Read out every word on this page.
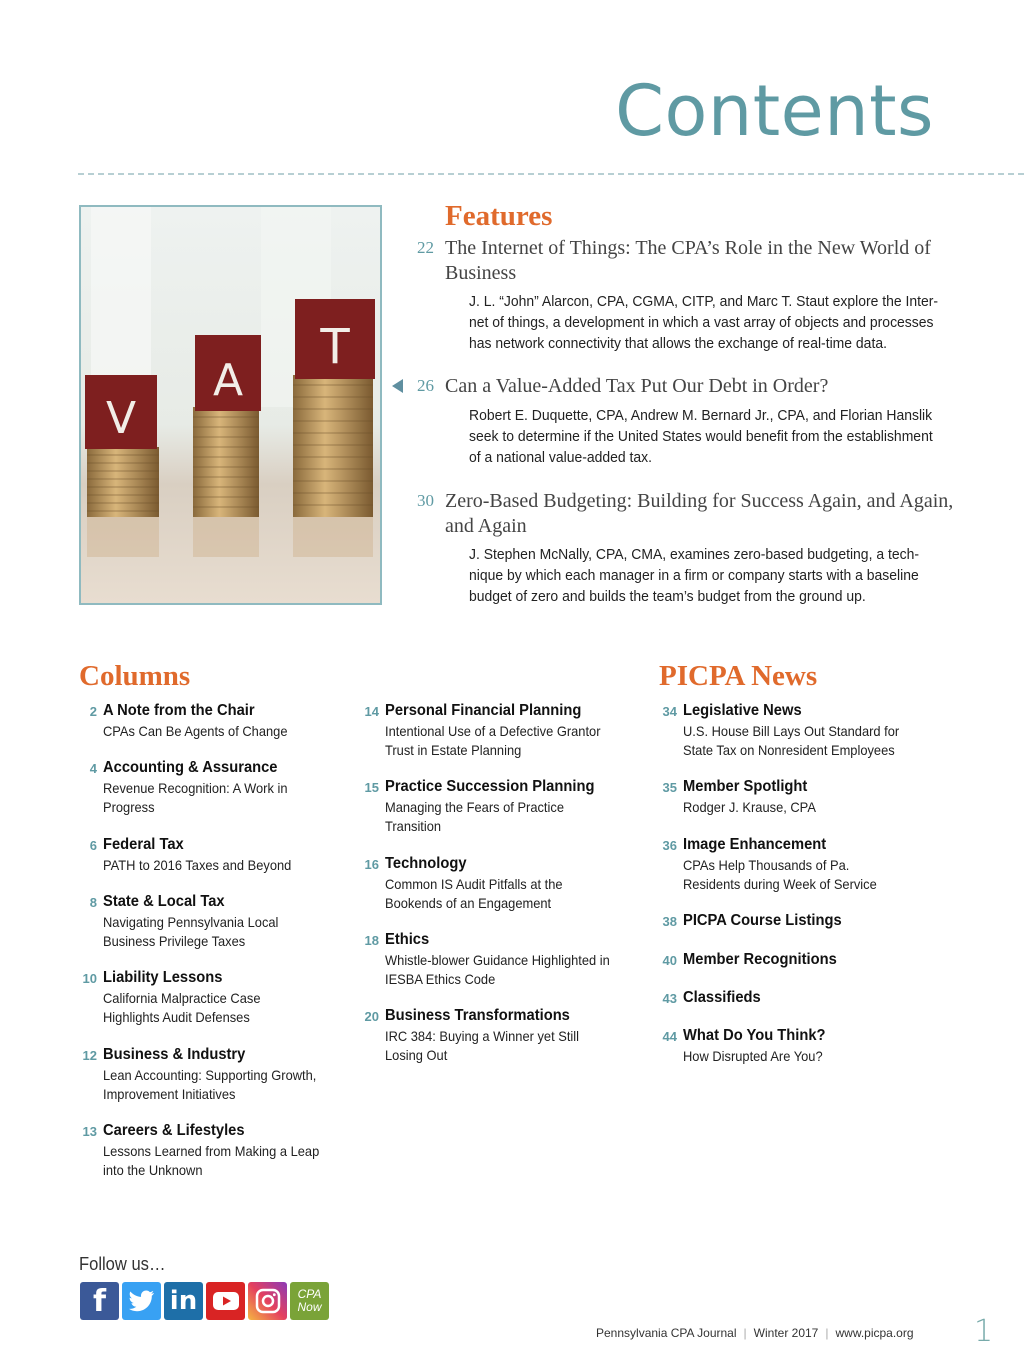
Contents
V
A
T
Features
22 The Internet of Things: The CPA’s Role in the New World of Business
J. L. “John” Alarcon, CPA, CGMA, CITP, and Marc T. Staut explore the Inter-net of things, a development in which a vast array of objects and processes has network connectivity that allows the exchange of real-time data.
26 Can a Value-Added Tax Put Our Debt in Order?
Robert E. Duquette, CPA, Andrew M. Bernard Jr., CPA, and Florian Hanslik seek to determine if the United States would benefit from the establishment of a national value-added tax.
30 Zero-Based Budgeting: Building for Success Again, and Again, and Again
J. Stephen McNally, CPA, CMA, examines zero-based budgeting, a tech-nique by which each manager in a firm or company starts with a baseline budget of zero and builds the team’s budget from the ground up.
Columns	PICPA News
2 A Note from the Chair
CPAs Can Be Agents of Change
4 Accounting & Assurance
Revenue Recognition: A Work in Progress
6 Federal Tax
PATH to 2016 Taxes and Beyond
8 State & Local Tax
Navigating Pennsylvania Local Business Privilege Taxes
10 Liability Lessons
California Malpractice Case Highlights Audit Defenses
12 Business & Industry
Lean Accounting: Supporting Growth, Improvement Initiatives
13 Careers & Lifestyles
Lessons Learned from Making a Leap into the Unknown
14 Personal Financial Planning
Intentional Use of a Defective Grantor Trust in Estate Planning
15 Practice Succession Planning
Managing the Fears of Practice Transition
16 Technology
Common IS Audit Pitfalls at the Bookends of an Engagement
18 Ethics
Whistle-blower Guidance Highlighted in IESBA Ethics Code
20 Business Transformations
IRC 384: Buying a Winner yet Still Losing Out
34 Legislative News
U.S. House Bill Lays Out Standard for State Tax on Nonresident Employees
35 Member Spotlight
Rodger J. Krause, CPA
36 Image Enhancement
CPAs Help Thousands of Pa. Residents during Week of Service
38 PICPA Course Listings
40 Member Recognitions
43 Classifieds
44 What Do You Think?
How Disrupted Are You?
Follow us…
f	in	CPA
Now
Pennsylvania CPA Journal | Winter 2017 | www.picpa.org 1
